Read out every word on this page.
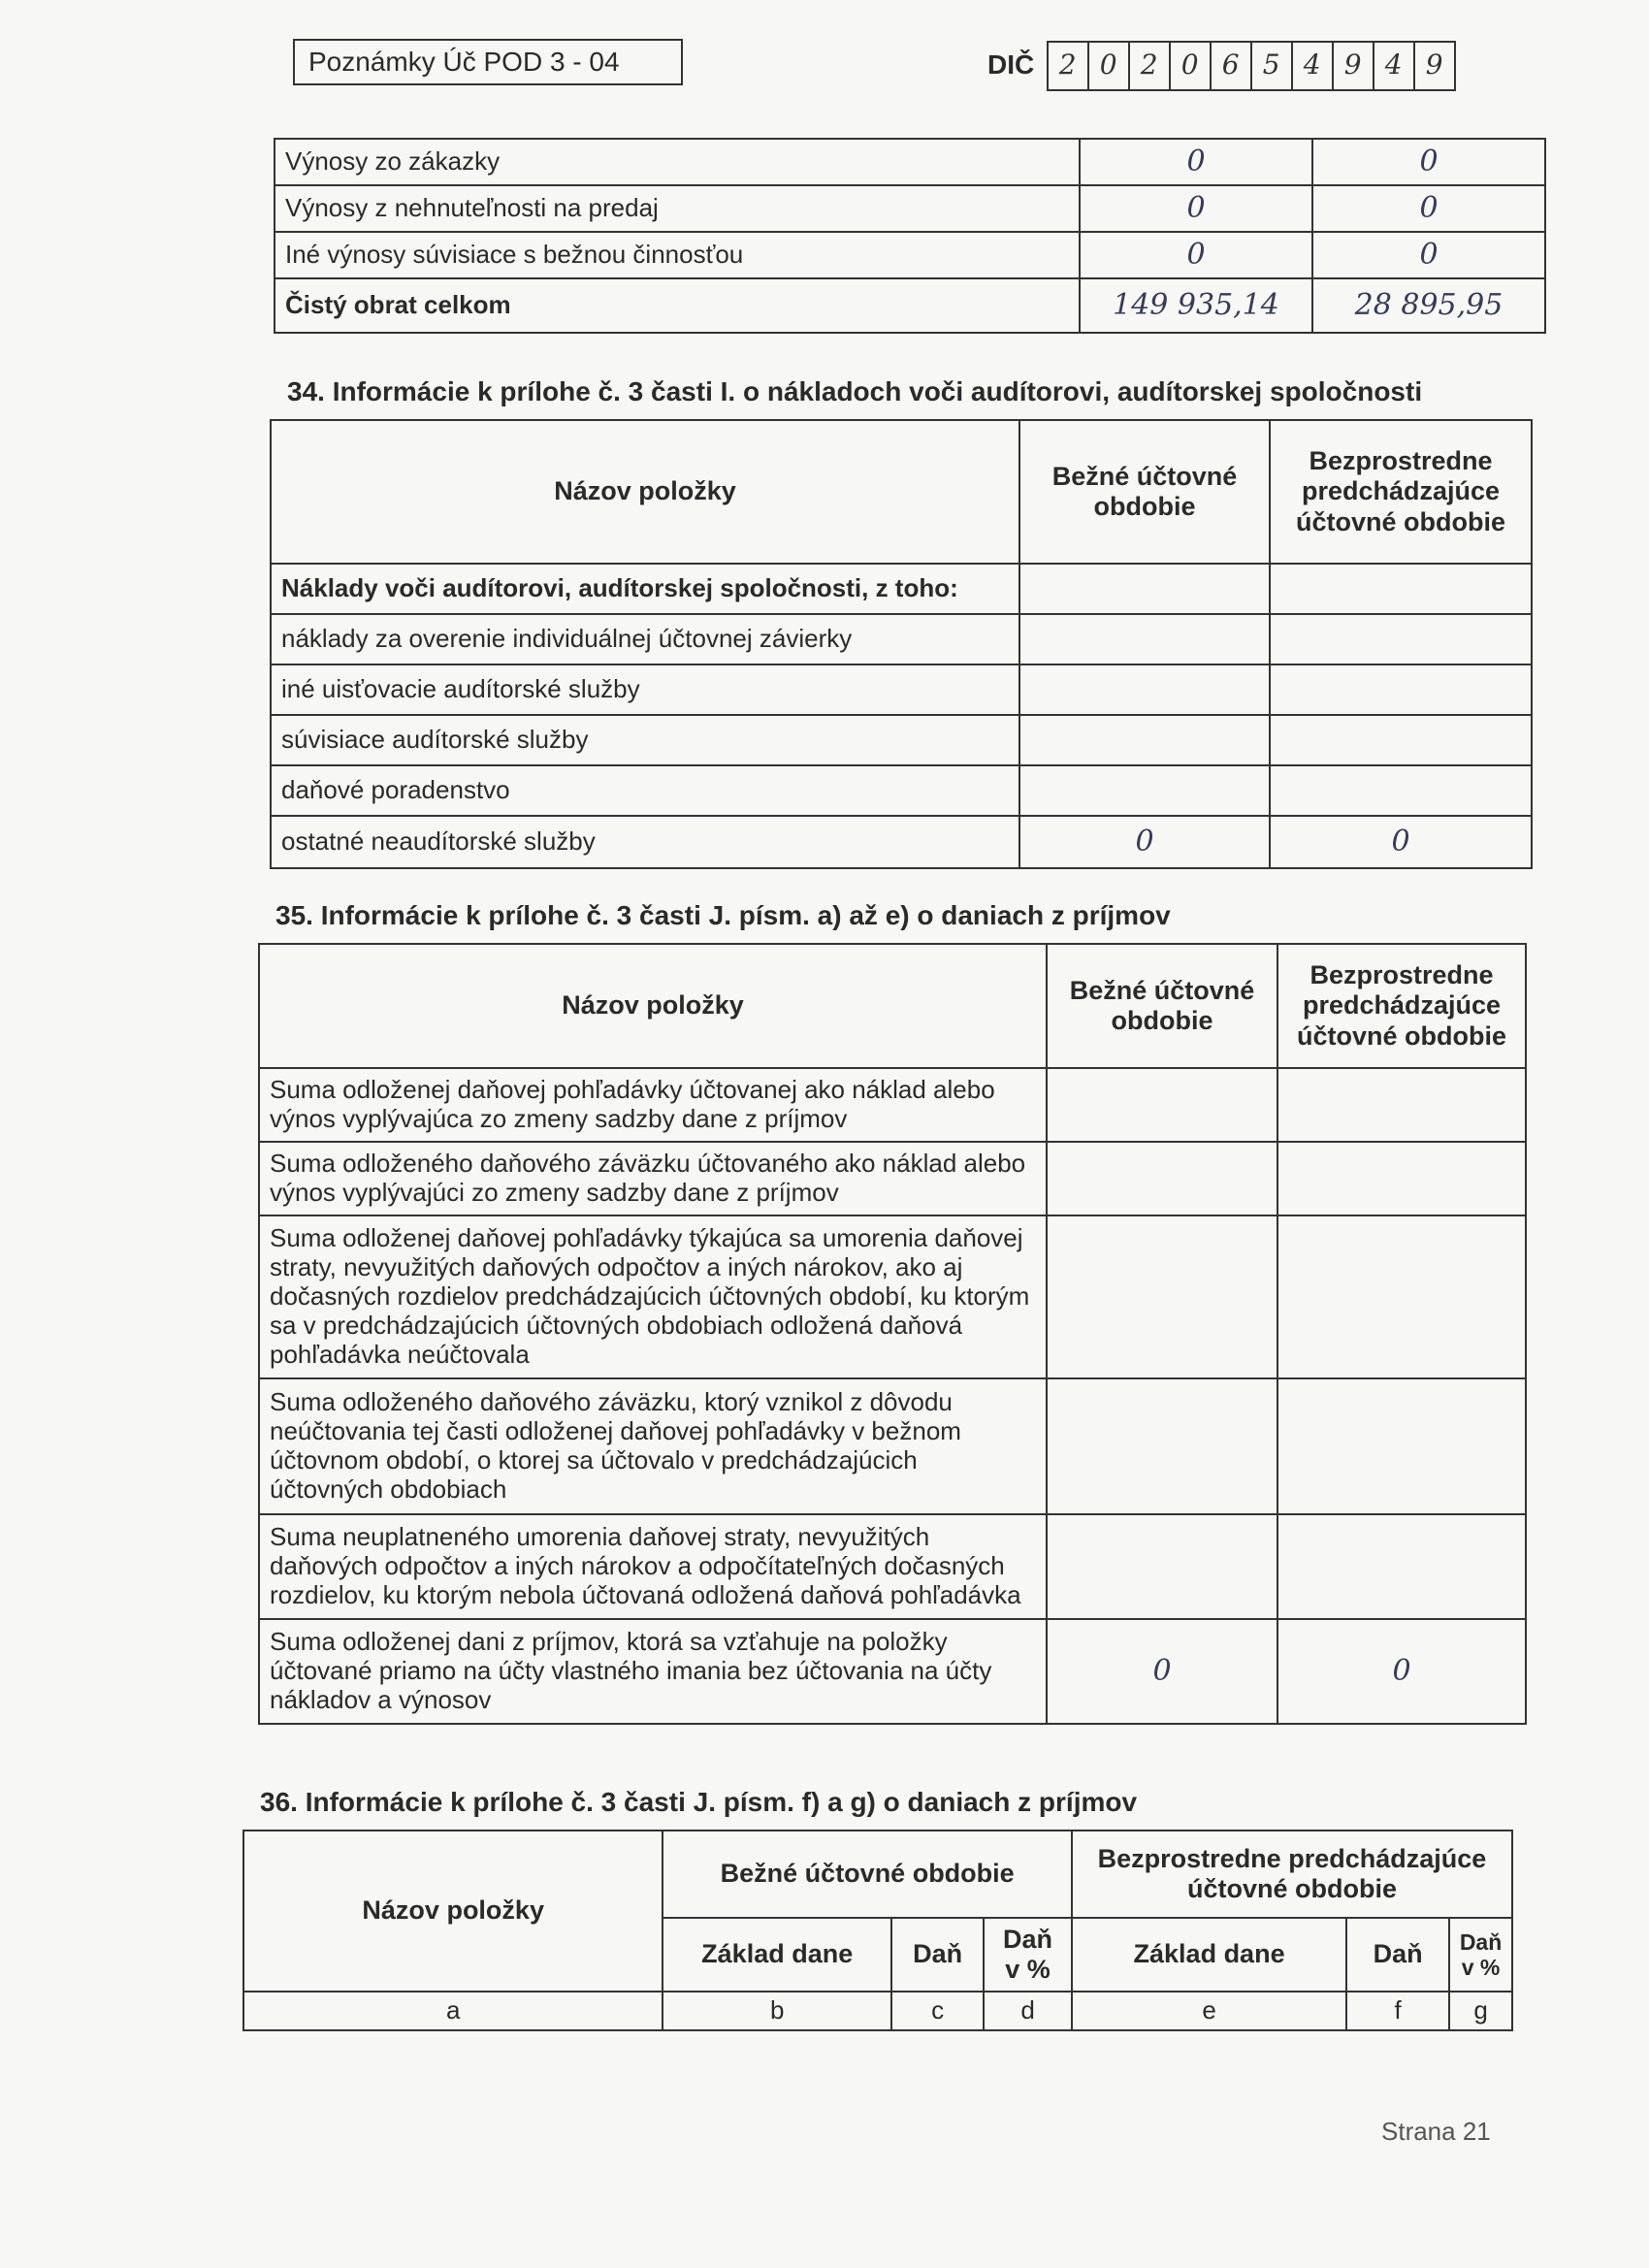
Poznámky Úč POD 3 - 04	DIČ 2 0 2 0 6 5 4 9 4 9
Výnosy zo zákazky	0	0
Výnosy z nehnuteľnosti na predaj	0	0
Iné výnosy súvisiace s bežnou činnosťou	0	0
Čistý obrat celkom	149 935,14	28 895,95
34. Informácie k prílohe č. 3 časti I. o nákladoch voči audítorovi, audítorskej spoločnosti
Názov položky	Bežné účtovné obdobie	Bezprostredne predchádzajúce účtovné obdobie
Náklady voči audítorovi, audítorskej spoločnosti, z toho:		
náklady za overenie individuálnej účtovnej závierky		
iné uisťovacie audítorské služby		
súvisiace audítorské služby		
daňové poradenstvo		
ostatné neaudítorské služby	0	0
35. Informácie k prílohe č. 3 časti J. písm. a) až e) o daniach z príjmov
Názov položky	Bežné účtovné obdobie	Bezprostredne predchádzajúce účtovné obdobie
Suma odloženej daňovej pohľadávky účtovanej ako náklad alebo výnos vyplývajúca zo zmeny sadzby dane z príjmov		
Suma odloženého daňového záväzku účtovaného ako náklad alebo výnos vyplývajúci zo zmeny sadzby dane z príjmov		
Suma odloženej daňovej pohľadávky týkajúca sa umorenia daňovej straty, nevyužitých daňových odpočtov a iných nárokov, ako aj dočasných rozdielov predchádzajúcich účtovných období, ku ktorým sa v predchádzajúcich účtovných obdobiach odložená daňová pohľadávka neúčtovala		
Suma odloženého daňového záväzku, ktorý vznikol z dôvodu neúčtovania tej časti odloženej daňovej pohľadávky v bežnom účtovnom období, o ktorej sa účtovalo v predchádzajúcich účtovných obdobiach		
Suma neuplatneného umorenia daňovej straty, nevyužitých daňových odpočtov a iných nárokov a odpočítateľných dočasných rozdielov, ku ktorým nebola účtovaná odložená daňová pohľadávka		
Suma odloženej dani z príjmov, ktorá sa vzťahuje na položky účtované priamo na účty vlastného imania bez účtovania na účty nákladov a výnosov	0	0
36. Informácie k prílohe č. 3 časti J. písm. f) a g) o daniach z príjmov
Názov položky	Bežné účtovné obdobie			Bezprostredne predchádzajúce účtovné obdobie		
	Základ dane	Daň	Daň v %	Základ dane	Daň	Daň v %
a	b	c	d	e	f	g
Strana 21
